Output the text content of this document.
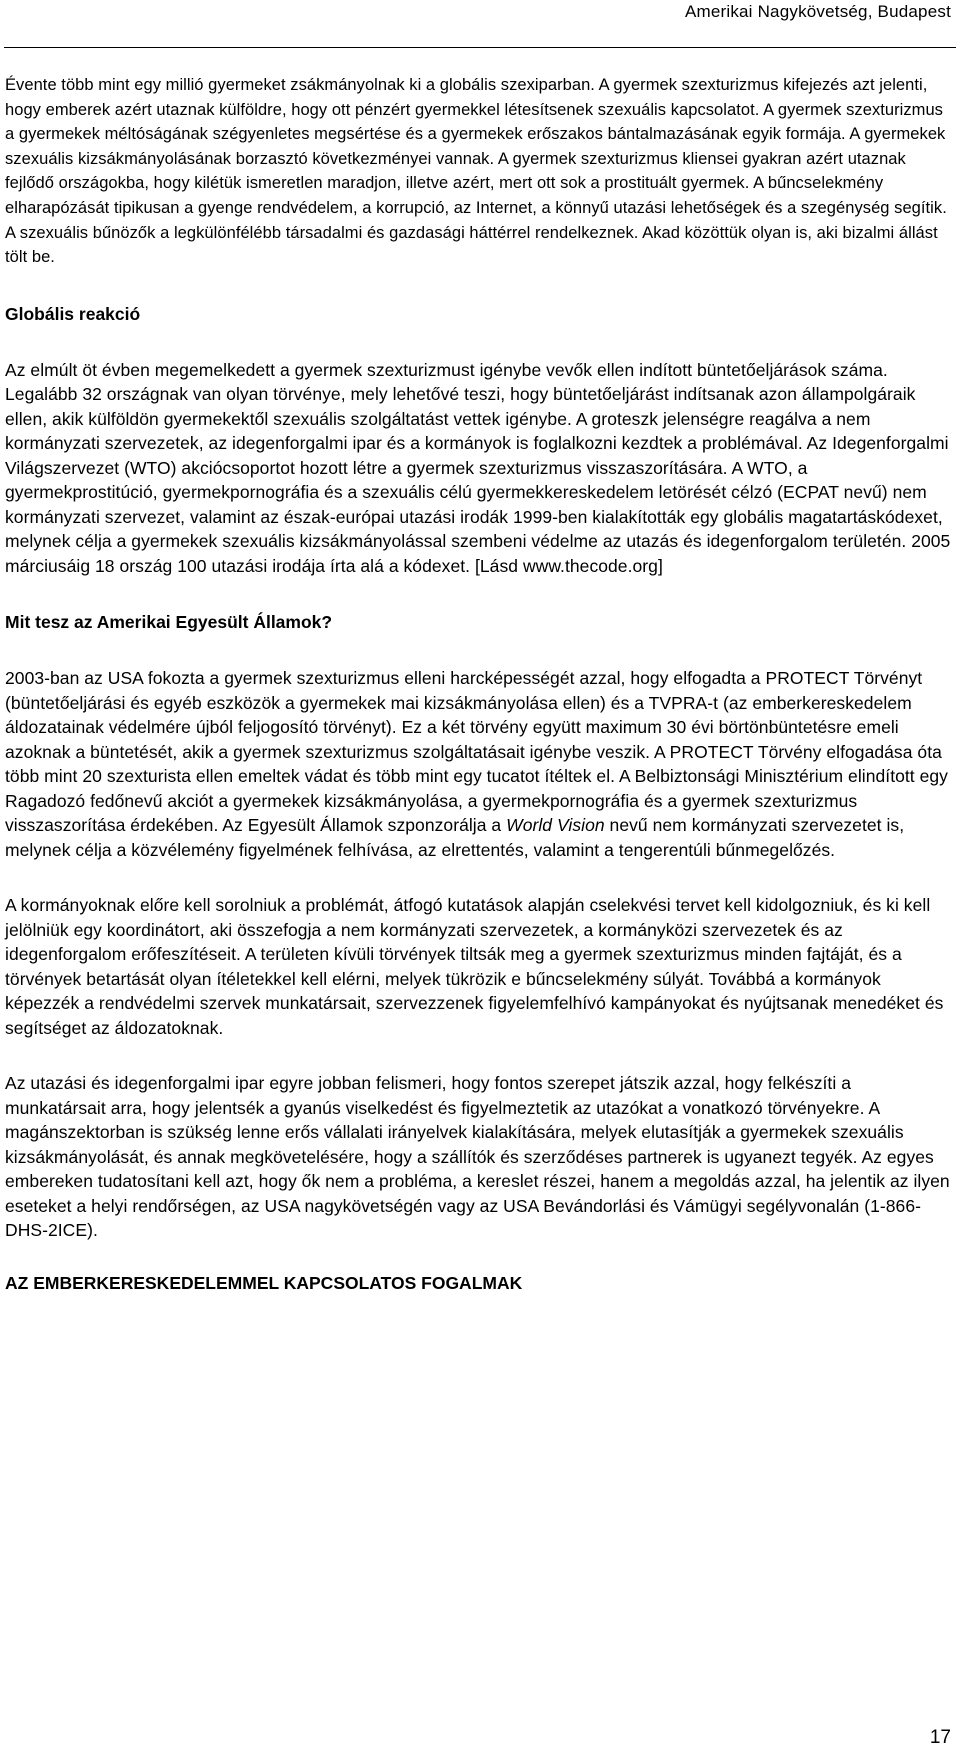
Amerikai Nagykövetség, Budapest

Évente több mint egy millió gyermeket zsákmányolnak ki a globális szexiparban. A gyermek szexturizmus kifejezés azt jelenti, hogy emberek azért utaznak külföldre, hogy ott pénzért gyermekkel létesítsenek szexuális kapcsolatot. A gyermek szexturizmus a gyermekek méltóságának szégyenletes megsértése és a gyermekek erőszakos bántalmazásának egyik formája. A gyermekek szexuális kizsákmányolásának borzasztó következményei vannak. A gyermek szexturizmus kliensei gyakran azért utaznak fejlődő országokba, hogy kilétük ismeretlen maradjon, illetve azért, mert ott sok a prostituált gyermek. A bűncselekmény elharapózását tipikusan a gyenge rendvédelem, a korrupció, az Internet, a könnyű utazási lehetőségek és a szegénység segítik. A szexuális bűnözők a legkülönfélébb társadalmi és gazdasági háttérrel rendelkeznek. Akad közöttük olyan is, aki bizalmi állást tölt be.

Globális reakció

Az elmúlt öt évben megemelkedett a gyermek szexturizmust igénybe vevők ellen indított büntetőeljárások száma. Legalább 32 országnak van olyan törvénye, mely lehetővé teszi, hogy büntetőeljárást indítsanak azon állampolgáraik ellen, akik külföldön gyermekektől szexuális szolgáltatást vettek igénybe. A groteszk jelenségre reagálva a nem kormányzati szervezetek, az idegenforgalmi ipar és a kormányok is foglalkozni kezdtek a problémával. Az Idegenforgalmi Világszervezet (WTO) akciócsoportot hozott létre a gyermek szexturizmus visszaszorítására. A WTO, a gyermekprostitúció, gyermekpornográfia és a szexuális célú gyermekkereskedelem letörését célzó (ECPAT nevű) nem kormányzati szervezet, valamint az észak-európai utazási irodák 1999-ben kialakították egy globális magatartáskódexet, melynek célja a gyermekek szexuális kizsákmányolással szembeni védelme az utazás és idegenforgalom területén. 2005 márciusáig 18 ország 100 utazási irodája írta alá a kódexet. [Lásd www.thecode.org]

Mit tesz az Amerikai Egyesült Államok?

2003-ban az USA fokozta a gyermek szexturizmus elleni harcképességét azzal, hogy elfogadta a PROTECT Törvényt (büntetőeljárási és egyéb eszközök a gyermekek mai kizsákmányolása ellen) és a TVPRA-t (az emberkereskedelem áldozatainak védelmére újból feljogosító törvényt). Ez a két törvény együtt maximum 30 évi börtönbüntetésre emeli azoknak a büntetését, akik a gyermek szexturizmus szolgáltatásait igénybe veszik. A PROTECT Törvény elfogadása óta több mint 20 szexturista ellen emeltek vádat és több mint egy tucatot ítéltek el. A Belbiztonsági Minisztérium elindított egy Ragadozó fedőnevű akciót a gyermekek kizsákmányolása, a gyermekpornográfia és a gyermek szexturizmus visszaszorítása érdekében. Az Egyesült Államok szponzorálja a World Vision nevű nem kormányzati szervezetet is, melynek célja a közvélemény figyelmének felhívása, az elrettentés, valamint a tengerentúli bűnmegelőzés.

A kormányoknak előre kell sorolniuk a problémát, átfogó kutatások alapján cselekvési tervet kell kidolgozniuk, és ki kell jelölniük egy koordinátort, aki összefogja a nem kormányzati szervezetek, a kormányközi szervezetek és az idegenforgalom erőfeszítéseit. A területen kívüli törvények tiltsák meg a gyermek szexturizmus minden fajtáját, és a törvények betartását olyan ítéletekkel kell elérni, melyek tükrözik e bűncselekmény súlyát. Továbbá a kormányok képezzék a rendvédelmi szervek munkatársait, szervezzenek figyelemfelhívó kampányokat és nyújtsanak menedéket és segítséget az áldozatoknak.

Az utazási és idegenforgalmi ipar egyre jobban felismeri, hogy fontos szerepet játszik azzal, hogy felkészíti a munkatársait arra, hogy jelentsék a gyanús viselkedést és figyelmeztetik az utazókat a vonatkozó törvényekre. A magánszektorban is szükség lenne erős vállalati irányelvek kialakítására, melyek elutasítják a gyermekek szexuális kizsákmányolását, és annak megkövetelésére, hogy a szállítók és szerződéses partnerek is ugyanezt tegyék. Az egyes embereken tudatosítani kell azt, hogy ők nem a probléma, a kereslet részei, hanem a megoldás azzal, ha jelentik az ilyen eseteket a helyi rendőrségen, az USA nagykövetségén vagy az USA Bevándorlási és Vámügyi segélyvonalán (1-866-DHS-2ICE).

AZ EMBERKERESKEDELEMMEL KAPCSOLATOS FOGALMAK
17
